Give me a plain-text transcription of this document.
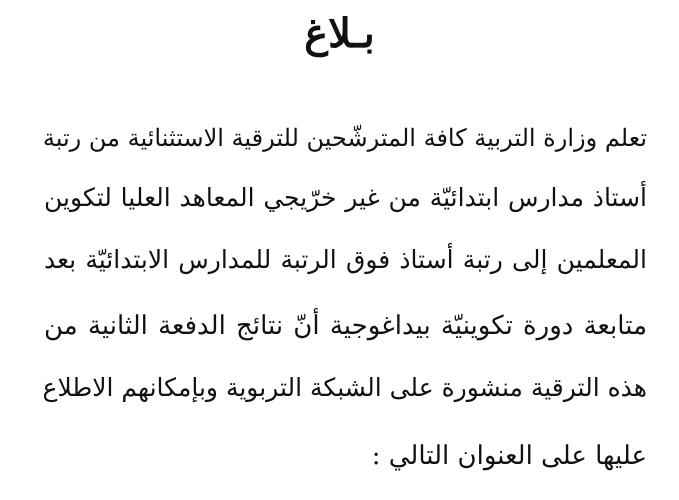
بـلاغ
تعلم وزارة التربية كافة المترشّحين للترقية الاستثنائية من رتبة
أستاذ مدارس ابتدائيّة من غير خرّيجي المعاهد العليا لتكوين
المعلمين إلى رتبة أستاذ فوق الرتبة للمدارس الابتدائيّة بعد
متابعة دورة تكوينيّة بيداغوجية أنّ نتائج الدفعة الثانية من
هذه الترقية منشورة على الشبكة التربوية وبإمكانهم الاطلاع
عليها على العنوان التالي :
